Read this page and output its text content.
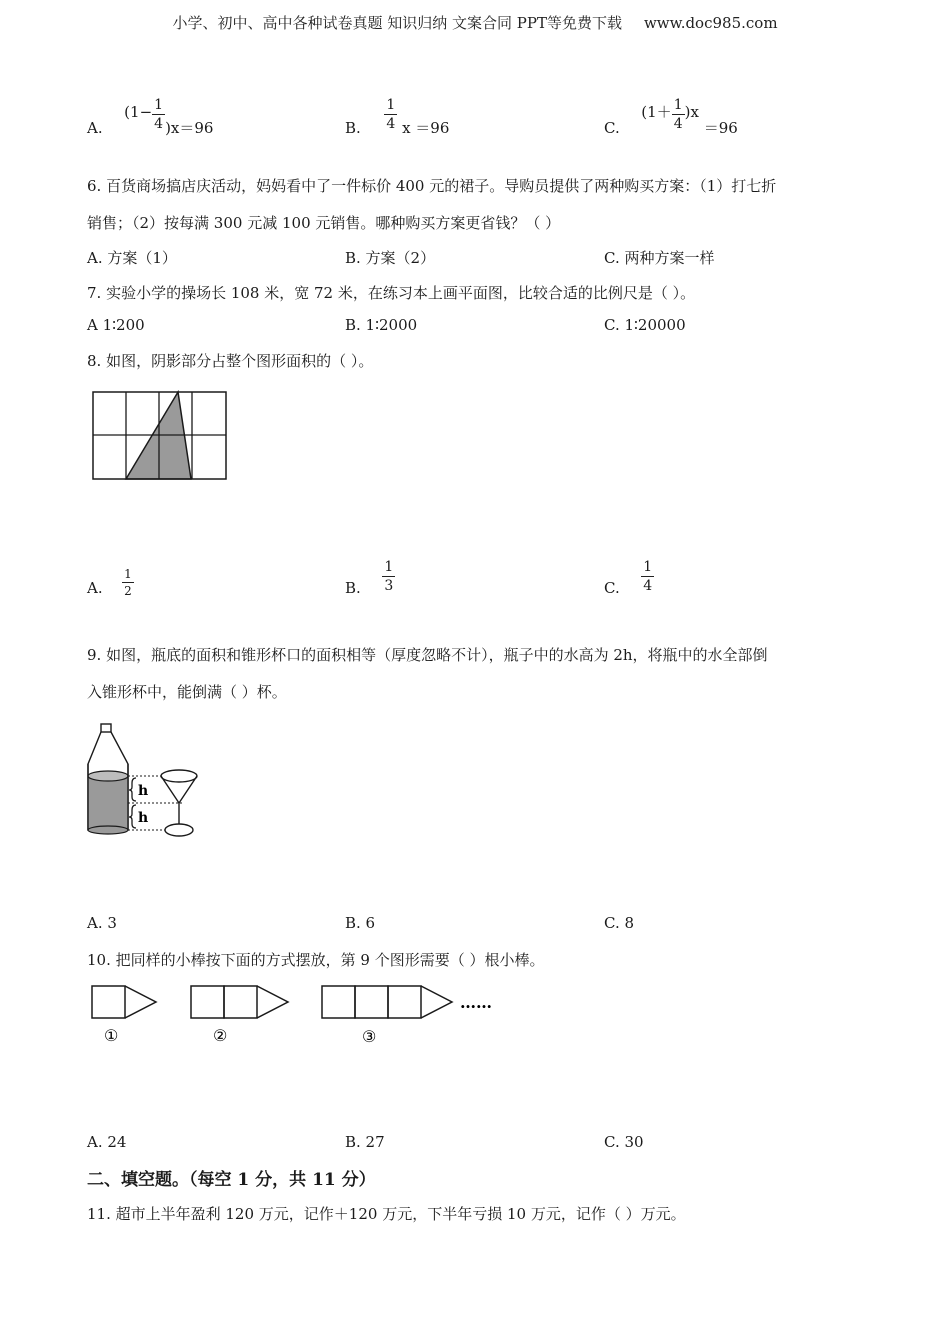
小学、初中、高中各种试卷真题 知识归纳 文案合同 PPT等免费下载 www.doc985.com
A.  $(1- \frac{1}{4} )x=96$	B. $\frac{1}{4}$ x ＝96	C.  $(1+ \frac{1}{4} )x =96$
6. 百货商场搞店庆活动，妈妈看中了一件标价 400 元的裙子。导购员提供了两种购买方案：（1）打七折
销售；（2）按每满 300 元减 100 元销售。哪种购买方案更省钱？（ ）
A. 方案（1）	B. 方案（2）	C. 两种方案一样
7. 实验小学的操场长 108 米，宽 72 米，在练习本上画平面图，比较合适的比例尺是（ ）。
A 1∶200	B. 1∶2000	C. 1∶20000
8. 如图，阴影部分占整个图形面积的（ ）。
A. $\frac{1}{2}$	B. $\frac{1}{3}$	C. $\frac{1}{4}$
9. 如图，瓶底的面积和锥形杯口的面积相等（厚度忽略不计），瓶子中的水高为 2h，将瓶中的水全部倒
入锥形杯中，能倒满（ ）杯。
h
h
A. 3	B. 6	C. 8
10. 把同样的小棒按下面的方式摆放，第 9 个图形需要（ ）根小棒。
……
①	②	③
A. 24	B. 27	C. 30
二、填空题。（每空 1 分，共 11 分）
11. 超市上半年盈利 120 万元，记作＋120 万元，下半年亏损 10 万元，记作（ ）万元。
